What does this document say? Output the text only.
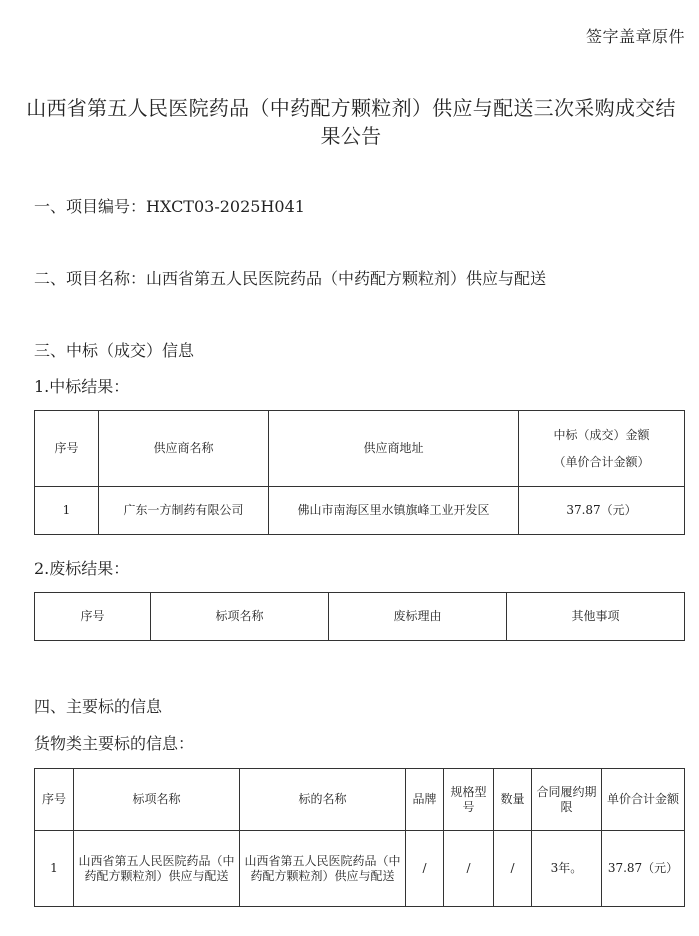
签字盖章原件
山西省第五人民医院药品（中药配方颗粒剂）供应与配送三次采购成交结果公告
一、项目编号：HXCT03-2025H041
二、项目名称：山西省第五人民医院药品（中药配方颗粒剂）供应与配送
三、中标（成交）信息
1.中标结果：
序号	供应商名称	供应商地址	中标（成交）金额
（单价合计金额）

1	广东一方制药有限公司	佛山市南海区里水镇旗峰工业开发区	37.87（元）
2.废标结果：
序号	标项名称	废标理由	其他事项
四、主要标的信息
货物类主要标的信息：
序号	标项名称	标的名称	品牌	规格型号	数量	合同履约期限	单价合计金额
1	山西省第五人民医院药品（中药配方颗粒剂）供应与配送	山西省第五人民医院药品（中药配方颗粒剂）供应与配送	/	/	/	3年。	37.87（元）
